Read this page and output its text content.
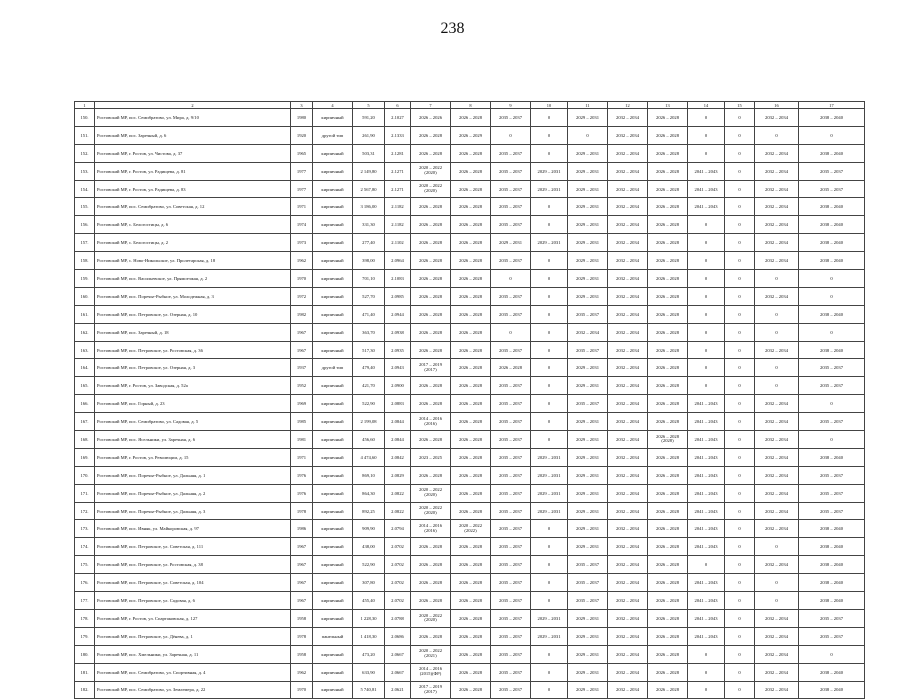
238
1	2	3	4	5	6	7	8	9	10	11	12	13	14	15	16	17
150.	Ростовский МР, пос. Семибратово, ул. Мира, д. 9/10	1980	кирпичный	591,20	2.1027	2026 – 2026	2026 – 2028	2035 – 2037	0	2029 – 2031	2032 – 2034	2026 – 2028	0	0	2032 – 2034	2038 – 2040
151.	Ростовский МР, пос. Заречный, д. 6	1920	другой тип	261,90	2.1333	2026 – 2028	2026 – 2029	0	0	0	2032 – 2034	2026 – 2028	0	0	0	0
152.	Ростовский МР, г. Ростов, ул. Чистова, д. 37	1965	кирпичный	503,31	2.1281	2026 – 2028	2026 – 2028	2035 – 2037	0	2029 – 2031	2032 – 2034	2026 – 2028	0	0	2032 – 2034	2038 – 2040
153.	Ростовский МР, г. Ростов, ул. Радищева, д. 81	1977	кирпичный	2 149,80	2.1271	2020 – 2022 (2020)	2026 – 2028	2035 – 2037	2029 – 2031	2029 – 2031	2032 – 2034	2026 – 2028	2041 – 2043	0	2032 – 2034	2035 – 2037
154.	Ростовский МР, г. Ростов, ул. Радищева, д. 83	1977	кирпичный	2 567,80	2.1271	2020 – 2022 (2020)	2026 – 2028	2035 – 2037	2029 – 2031	2029 – 2031	2032 – 2034	2026 – 2028	2041 – 2043	0	2032 – 2034	2035 – 2037
155.	Ростовский МР, пос. Семибратово, ул. Советская, д. 12	1971	кирпичный	3 186,00	2.1182	2026 – 2028	2026 – 2028	2035 – 2037	0	2029 – 2031	2032 – 2034	2026 – 2028	2041 – 2043	0	2032 – 2034	2038 – 2040
156.	Ростовский МР, с. Белогостицы, д. 6	1974	кирпичный	331,30	2.1182	2026 – 2028	2026 – 2028	2035 – 2037	0	2029 – 2031	2032 – 2034	2026 – 2028	0	0	2032 – 2034	2038 – 2040
157.	Ростовский МР, с. Белогостицы, д. 2	1973	кирпичный	277,40	2.1102	2026 – 2028	2026 – 2028	2029 – 2031	2029 – 2031	2029 – 2031	2032 – 2034	2026 – 2028	0	0	2032 – 2034	2038 – 2040
158.	Ростовский МР, с. Ново-Никольское, ул. Пролетарская, д. 18	1962	кирпичный	398,00	2.0964	2026 – 2028	2026 – 2028	2035 – 2037	0	2029 – 2031	2032 – 2034	2026 – 2028	0	0	2032 – 2034	2038 – 2040
159.	Ростовский МР, пос. Васильевское, ул. Прямоезжая, д. 2	1970	кирпичный	701,10	2.1083	2026 – 2028	2026 – 2028	0	0	2029 – 2031	2032 – 2034	2026 – 2028	0	0	0	0
160.	Ростовский МР, пос. Поречье-Рыбное, ул. Молодежная, д. 3	1972	кирпичный	527,70	2.0985	2026 – 2028	2026 – 2028	2035 – 2037	0	2029 – 2031	2032 – 2034	2026 – 2028	0	0	2032 – 2034	0
161.	Ростовский МР, пос. Петровское, ул. Озерная, д. 10	1982	кирпичный	471,40	2.0944	2026 – 2028	2026 – 2028	2035 – 2037	0	2035 – 2037	2032 – 2034	2026 – 2028	0	0	0	2038 – 2040
162.	Ростовский МР, пос. Заречный, д. 18	1967	кирпичный	363,70	2.0938	2026 – 2028	2026 – 2028	0	0	2032 – 2034	2032 – 2034	2026 – 2028	0	0	0	0
163.	Ростовский МР, пос. Петровское, ул. Ростовская, д. 36	1967	кирпичный	517,30	2.0935	2026 – 2028	2026 – 2028	2035 – 2037	0	2035 – 2037	2032 – 2034	2026 – 2028	0	0	2032 – 2034	2038 – 2040
164.	Ростовский МР, пос. Петровское, ул. Озерная, д. 3	1937	другой тип	479,40	2.0943	2017 – 2019 (2017)	2026 – 2028	2026 – 2028	0	2029 – 2031	2032 – 2034	2026 – 2028	0	0	0	2035 – 2037
165.	Ростовский МР, г. Ростов, ул. Заводская, д. 52а	1952	кирпичный	421,70	2.0900	2026 – 2028	2026 – 2028	2035 – 2037	0	2029 – 2031	2032 – 2034	2026 – 2028	0	0	0	2035 – 2037
166.	Ростовский МР, пос. Горный, д. 23	1969	кирпичный	522,90	2.0883	2026 – 2028	2026 – 2028	2035 – 2037	0	2035 – 2037	2032 – 2034	2026 – 2028	2041 – 2043	0	2032 – 2034	0
167.	Ростовский МР, пос. Семибратово, ул. Садовая, д. 5	1985	кирпичный	2 199,08	2.0844	2014 – 2016 (2016)	2026 – 2028	2035 – 2037	0	2029 – 2031	2032 – 2034	2026 – 2028	2041 – 2043	0	2032 – 2034	2035 – 2037
168.	Ростовский МР, пос. Ясельники, ул. Заречная, д. 6	1981	кирпичный	456,60	2.0844	2026 – 2028	2026 – 2028	2035 – 2037	0	2029 – 2031	2032 – 2034	2026 – 2028 (2028)	2041 – 2043	0	2032 – 2034	0
169.	Ростовский МР, г. Ростов, ул. Революции, д. 15	1971	кирпичный	4 474,60	2.0842	2023 – 2025	2026 – 2028	2035 – 2037	2029 – 2031	2029 – 2031	2032 – 2034	2026 – 2028	2041 – 2043	0	2032 – 2034	2038 – 2040
170.	Ростовский МР, пос. Поречье-Рыбное, ул. Дальняя, д. 1	1976	кирпичный	869,10	2.0829	2026 – 2028	2026 – 2028	2035 – 2037	2029 – 2031	2029 – 2031	2032 – 2034	2026 – 2028	2041 – 2043	0	2032 – 2034	2035 – 2037
171.	Ростовский МР, пос. Поречье-Рыбное, ул. Дальняя, д. 2	1976	кирпичный	864,30	2.0822	2020 – 2022 (2020)	2026 – 2028	2035 – 2037	2029 – 2031	2029 – 2031	2032 – 2034	2026 – 2028	2041 – 2043	0	2032 – 2034	2035 – 2037
172.	Ростовский МР, пос. Поречье-Рыбное, ул. Дальняя, д. 3	1978	кирпичный	892,25	2.0822	2020 – 2022 (2020)	2026 – 2028	2035 – 2037	2029 – 2031	2029 – 2031	2032 – 2034	2026 – 2028	2041 – 2043	0	2032 – 2034	2035 – 2037
173.	Ростовский МР, пос. Ивняк, ул. Майкоровская, д. 97	1986	кирпичный	909,90	2.0794	2014 – 2016 (2016)	2020 – 2022 (2022)	2035 – 2037	0	2029 – 2031	2032 – 2034	2026 – 2028	2041 – 2043	0	2032 – 2034	2038 – 2040
174.	Ростовский МР, пос. Петровское, ул. Советская, д. 111	1967	кирпичный	438,00	2.0702	2026 – 2028	2026 – 2028	2035 – 2037	0	2029 – 2031	2032 – 2034	2026 – 2028	2041 – 2043	0	0	2038 – 2040
175.	Ростовский МР, пос. Петровское, ул. Ростовская, д. 38	1967	кирпичный	522,90	2.0702	2026 – 2028	2026 – 2028	2035 – 2037	0	2035 – 2037	2032 – 2034	2026 – 2028	0	0	2032 – 2034	2038 – 2040
176.	Ростовский МР, пос. Петровское, ул. Советская, д. 104	1967	кирпичный	307,80	2.0702	2026 – 2028	2026 – 2028	2035 – 2037	0	2035 – 2037	2032 – 2034	2026 – 2028	2041 – 2043	0	0	2038 – 2040
177.	Ростовский МР, пос. Петровское, ул. Садовая, д. 6	1967	кирпичный	455,40	2.0702	2026 – 2028	2026 – 2028	2035 – 2037	0	2035 – 2037	2032 – 2034	2026 – 2028	2041 – 2043	0	0	2038 – 2040
178.	Ростовский МР, г. Ростов, ул. Спартаковская, д. 127	1958	кирпичный	1 228,30	2.0788	2020 – 2022 (2020)	2026 – 2028	2035 – 2037	2029 – 2031	2029 – 2031	2032 – 2034	2026 – 2028	2041 – 2043	0	2032 – 2034	2035 – 2037
179.	Ростовский МР, пос. Петровское, ул. Дёнева, д. 1	1978	панельный	1 418,30	2.0686	2026 – 2028	2026 – 2028	2035 – 2037	2029 – 2031	2029 – 2031	2032 – 2034	2026 – 2028	2041 – 2043	0	2032 – 2034	2035 – 2037
180.	Ростовский МР, пос. Хмельники, ул. Заречная, д. 11	1958	кирпичный	473,20	2.0667	2020 – 2022 (2021)	2026 – 2028	2035 – 2037	0	2029 – 2031	2032 – 2034	2026 – 2028	0	0	2032 – 2034	0
181.	Ростовский МР, пос. Семибратово, ул. Спортивная, д. 4	1962	кирпичный	633,90	2.0667	2014 – 2016 (2015)(ФР)	2026 – 2028	2035 – 2037	0	2029 – 2031	2032 – 2034	2026 – 2028	0	0	2032 – 2034	2038 – 2040
182.	Ростовский МР, пос. Семибратово, ул. Землемера, д. 22	1970	кирпичный	5 740,81	2.0621	2017 – 2019 (2017)	2026 – 2028	2035 – 2037	0	2029 – 2031	2032 – 2034	2026 – 2028	0	0	2032 – 2034	2038 – 2040
